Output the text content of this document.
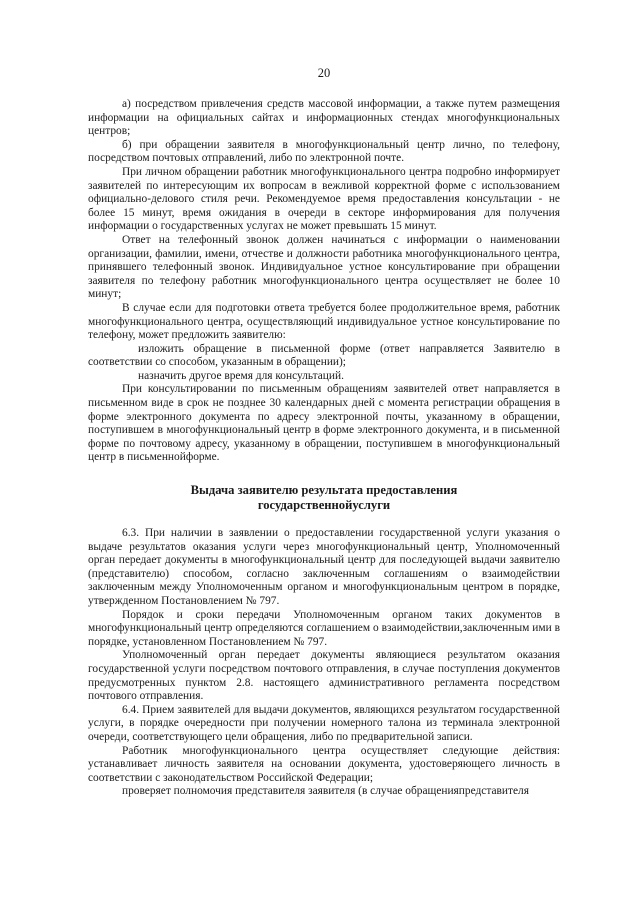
20

а) посредством привлечения средств массовой информации, а также путем размещения информации на официальных сайтах и информационных стендах многофункциональных центров;

б) при обращении заявителя в многофункциональный центр лично, по телефону, посредством почтовых отправлений, либо по электронной почте.

При личном обращении работник многофункционального центра подробно информирует заявителей по интересующим их вопросам в вежливой корректной форме с использованием официально-делового стиля речи. Рекомендуемое время предоставления консультации - не более 15 минут, время ожидания в очереди в секторе информирования для получения информации о государственных услугах не может превышать 15 минут.

Ответ на телефонный звонок должен начинаться с информации о наименовании организации, фамилии, имени, отчестве и должности работника многофункционального центра, принявшего телефонный звонок. Индивидуальное устное консультирование при обращении заявителя по телефону работник многофункционального центра осуществляет не более 10 минут;

В случае если для подготовки ответа требуется более продолжительное время, работник многофункционального центра, осуществляющий индивидуальное устное консультирование по телефону, может предложить заявителю:

изложить обращение в письменной форме (ответ направляется Заявителю в соответствии со способом, указанным в обращении);

назначить другое время для консультаций.

При консультировании по письменным обращениям заявителей ответ направляется в письменном виде в срок не позднее 30 календарных дней с момента регистрации обращения в форме электронного документа по адресу электронной почты, указанному в обращении, поступившем в многофункциональный центр в форме электронного документа, и в письменной форме по почтовому адресу, указанному в обращении, поступившем в многофункциональный центр в письменнойформе.

Выдача заявителю результата предоставления
государственнойуслуги

6.3. При наличии в заявлении о предоставлении государственной услуги указания о выдаче результатов оказания услуги через многофункциональный центр, Уполномоченный орган передает документы в многофункциональный центр для последующей выдачи заявителю (представителю) способом, согласно заключенным соглашениям о взаимодействии заключенным между Уполномоченным органом и многофункциональным центром в порядке, утвержденном Постановлением № 797.

Порядок и сроки передачи Уполномоченным органом таких документов в многофункциональный центр определяются соглашением о взаимодействии,заключенным ими в порядке, установленном Постановлением № 797.

Уполномоченный орган передает документы являющиеся результатом оказания государственной услуги посредством почтового отправления, в случае поступления документов предусмотренных пунктом 2.8. настоящего административного регламента посредством почтового отправления.

6.4. Прием заявителей для выдачи документов, являющихся результатом государственной услуги, в порядке очередности при получении номерного талона из терминала электронной очереди, соответствующего цели обращения, либо по предварительной записи.

Работник многофункционального центра осуществляет следующие действия: устанавливает личность заявителя на основании документа, удостоверяющего личность в соответствии с законодательством Российской Федерации;

проверяет полномочия представителя заявителя (в случае обращенияпредставителя
